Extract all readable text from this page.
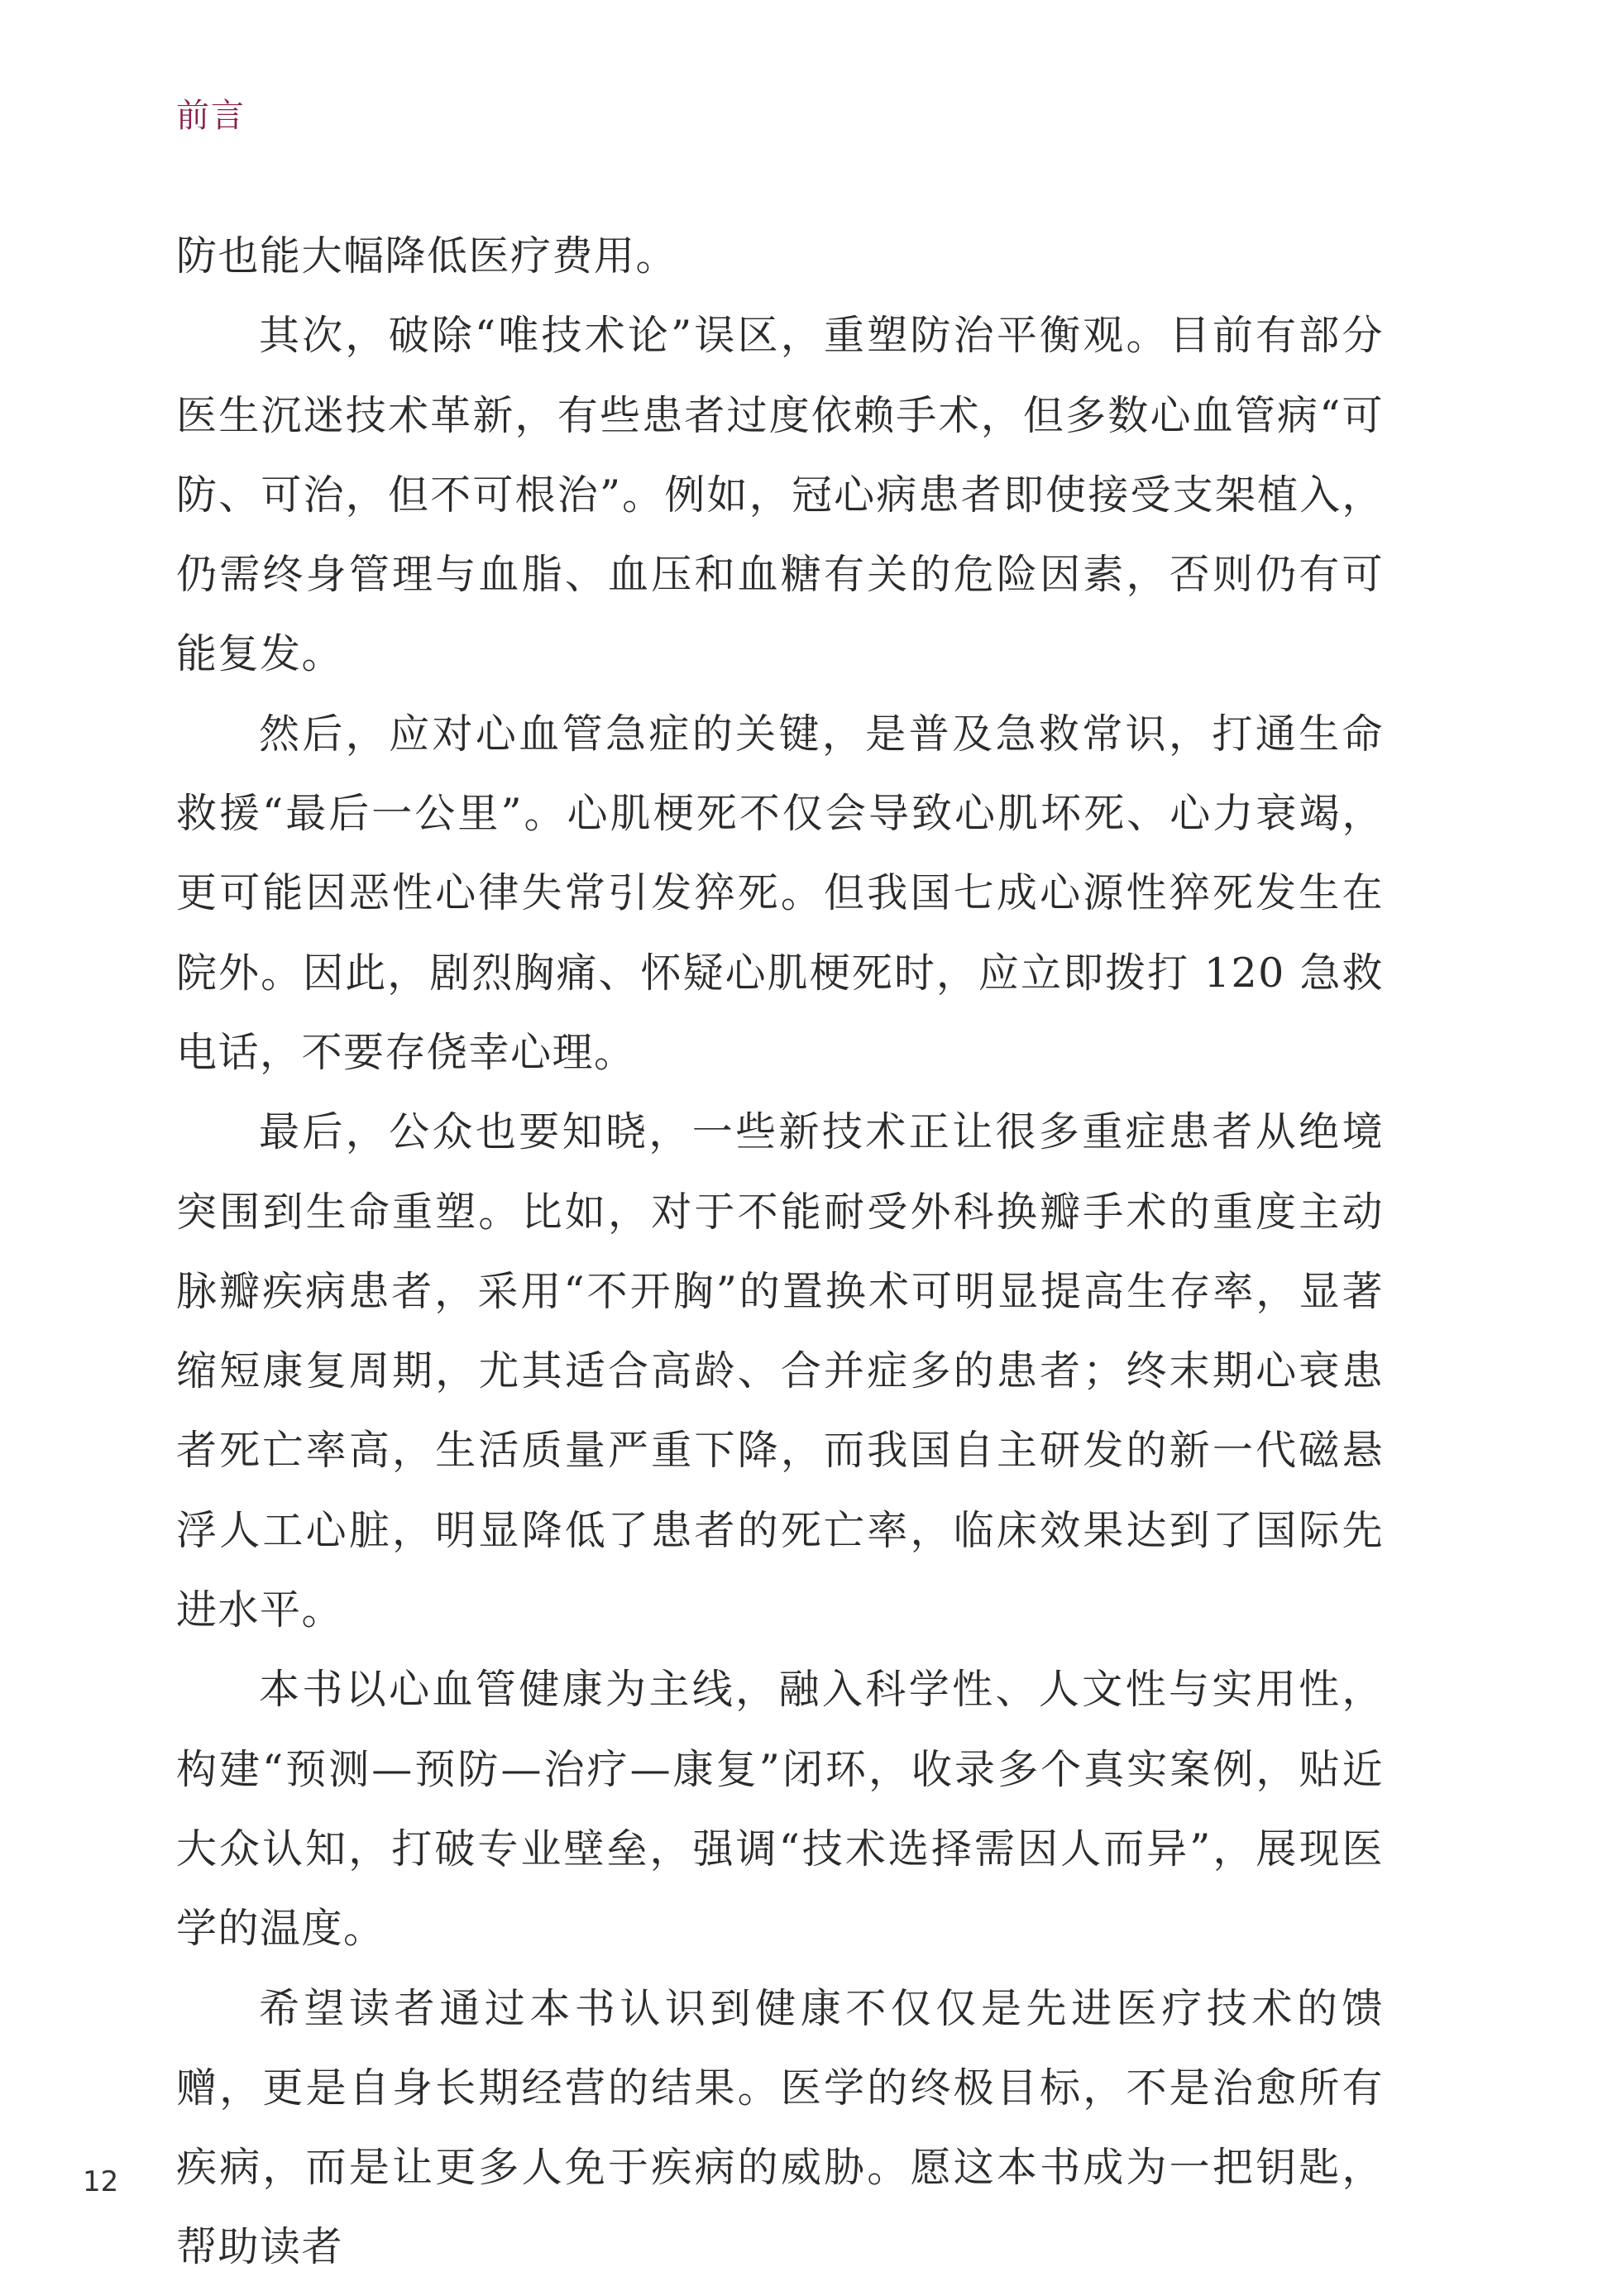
前言

防也能大幅降低医疗费用。

其次，破除“唯技术论”误区，重塑防治平衡观。目前有部分医生沉迷技术革新，有些患者过度依赖手术，但多数心血管病“可防、可治，但不可根治”。例如，冠心病患者即使接受支架植入，仍需终身管理与血脂、血压和血糖有关的危险因素，否则仍有可能复发。

然后，应对心血管急症的关键，是普及急救常识，打通生命救援“最后一公里”。心肌梗死不仅会导致心肌坏死、心力衰竭，更可能因恶性心律失常引发猝死。但我国七成心源性猝死发生在院外。因此，剧烈胸痛、怀疑心肌梗死时，应立即拨打 120 急救电话，不要存侥幸心理。

最后，公众也要知晓，一些新技术正让很多重症患者从绝境突围到生命重塑。比如，对于不能耐受外科换瓣手术的重度主动脉瓣疾病患者，采用“不开胸”的置换术可明显提高生存率，显著缩短康复周期，尤其适合高龄、合并症多的患者；终末期心衰患者死亡率高，生活质量严重下降，而我国自主研发的新一代磁悬浮人工心脏，明显降低了患者的死亡率，临床效果达到了国际先进水平。

本书以心血管健康为主线，融入科学性、人文性与实用性，构建“预测—预防—治疗—康复”闭环，收录多个真实案例，贴近大众认知，打破专业壁垒，强调“技术选择需因人而异”，展现医学的温度。

希望读者通过本书认识到健康不仅仅是先进医疗技术的馈赠，更是自身长期经营的结果。医学的终极目标，不是治愈所有疾病，而是让更多人免于疾病的威胁。愿这本书成为一把钥匙，帮助读者

12
